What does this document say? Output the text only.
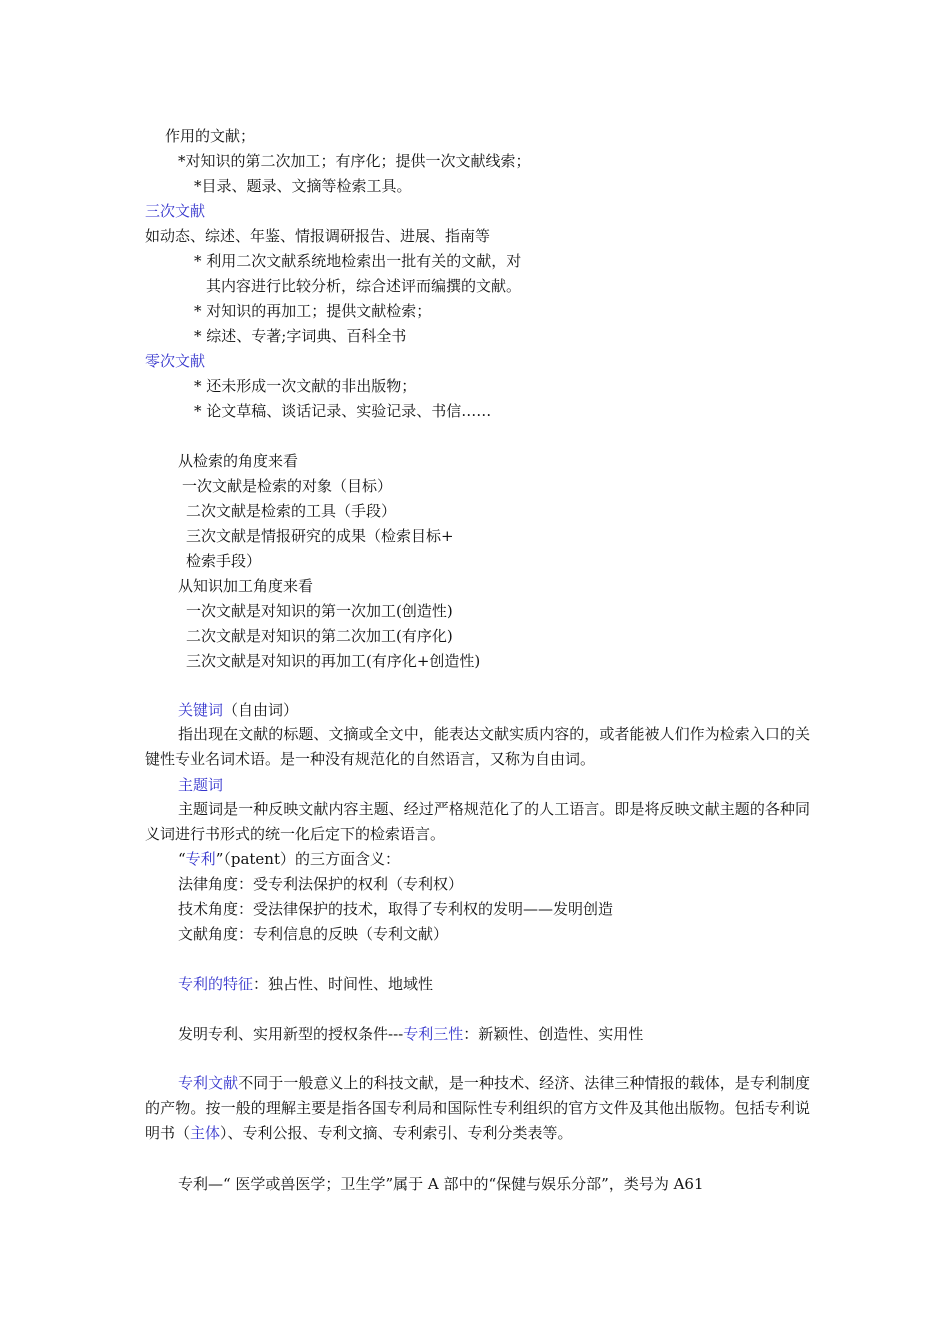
作用的文献；
*对知识的第二次加工；有序化；提供一次文献线索；
*目录、题录、文摘等检索工具。
三次文献
如动态、综述、年鉴、情报调研报告、进展、指南等
* 利用二次文献系统地检索出一批有关的文献，对
其内容进行比较分析，综合述评而编撰的文献。
* 对知识的再加工；提供文献检索；
* 综述、专著;字词典、百科全书
零次文献
* 还未形成一次文献的非出版物；
* 论文草稿、谈话记录、实验记录、书信……
从检索的角度来看
一次文献是检索的对象（目标）
二次文献是检索的工具（手段）
三次文献是情报研究的成果（检索目标+
检索手段）
从知识加工角度来看
一次文献是对知识的第一次加工(创造性)
二次文献是对知识的第二次加工(有序化)
三次文献是对知识的再加工(有序化+创造性)
关键词（自由词）
指出现在文献的标题、文摘或全文中，能表达文献实质内容的，或者能被人们作为检索入口的关键性专业名词术语。是一种没有规范化的自然语言，又称为自由词。
主题词
主题词是一种反映文献内容主题、经过严格规范化了的人工语言。即是将反映文献主题的各种同义词进行书形式的统一化后定下的检索语言。
“专利”（patent）的三方面含义：
法律角度：受专利法保护的权利（专利权）
技术角度：受法律保护的技术，取得了专利权的发明——发明创造
文献角度：专利信息的反映（专利文献）
专利的特征：独占性、时间性、地域性
发明专利、实用新型的授权条件---专利三性：新颖性、创造性、实用性
专利文献不同于一般意义上的科技文献，是一种技术、经济、法律三种情报的载体，是专利制度的产物。按一般的理解主要是指各国专利局和国际性专利组织的官方文件及其他出版物。包括专利说明书（主体）、专利公报、专利文摘、专利索引、专利分类表等。
专利—“ 医学或兽医学；卫生学”属于 A 部中的“保健与娱乐分部”，类号为 A61
